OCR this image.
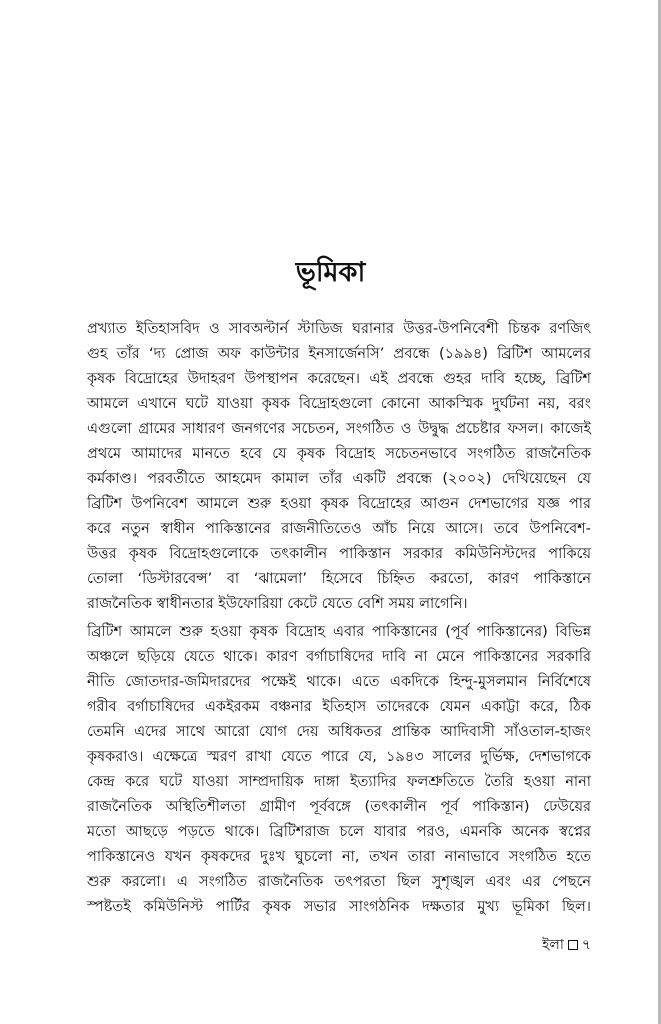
ভূমিকা
প্রখ্যাত ইতিহাসবিদ ও সাবঅল্টার্ন স্টাডিজ ঘরানার উত্তর-উপনিবেশী চিন্তক রণজিৎ
গুহ তাঁর ‘দ্য প্রোজ অফ কাউন্টার ইনসার্জেনসি’ প্রবন্ধে (১৯৯৪) ব্রিটিশ আমলের
কৃষক বিদ্রোহের উদাহরণ উপস্থাপন করেছেন। এই প্রবন্ধে গুহর দাবি হচ্ছে, ব্রিটিশ
আমলে এখানে ঘটে যাওয়া কৃষক বিদ্রোহগুলো কোনো আকস্মিক দুর্ঘটনা নয়, বরং
এগুলো গ্রামের সাধারণ জনগণের সচেতন, সংগঠিত ও উদ্বুদ্ধ প্রচেষ্টার ফসল। কাজেই
প্রথমে আমাদের মানতে হবে যে কৃষক বিদ্রোহ সচেতনভাবে সংগঠিত রাজনৈতিক
কর্মকাণ্ড। পরবর্তীতে আহমেদ কামাল তাঁর একটি প্রবন্ধে (২০০২) দেখিয়েছেন যে
ব্রিটিশ উপনিবেশ আমলে শুরু হওয়া কৃষক বিদ্রোহের আগুন দেশভাগের যজ্ঞ পার
করে নতুন স্বাধীন পাকিস্তানের রাজনীতিতেও আঁচ নিয়ে আসে। তবে উপনিবেশ-
উত্তর কৃষক বিদ্রোহগুলোকে তৎকালীন পাকিস্তান সরকার কমিউনিস্টদের পাকিয়ে
তোলা ‘ডিস্টারবেন্স’ বা ‘ঝামেলা’ হিসেবে চিহ্নিত করতো, কারণ পাকিস্তানে
রাজনৈতিক স্বাধীনতার ইউফোরিয়া কেটে যেতে বেশি সময় লাগেনি।
ব্রিটিশ আমলে শুরু হওয়া কৃষক বিদ্রোহ এবার পাকিস্তানের (পূর্ব পাকিস্তানের) বিভিন্ন
অঞ্চলে ছড়িয়ে যেতে থাকে। কারণ বর্গাচাষিদের দাবি না মেনে পাকিস্তানের সরকারি
নীতি জোতদার-জমিদারদের পক্ষেই থাকে। এতে একদিকে হিন্দু-মুসলমান নির্বিশেষে
গরীব বর্গাচাষিদের একইরকম বঞ্চনার ইতিহাস তাদেরকে যেমন একাট্টা করে, ঠিক
তেমনি এদের সাথে আরো যোগ দেয় অধিকতর প্রান্তিক আদিবাসী সাঁওতাল-হাজং
কৃষকরাও। এক্ষেত্রে স্মরণ রাখা যেতে পারে যে, ১৯৪৩ সালের দুর্ভিক্ষ, দেশভাগকে
কেন্দ্র করে ঘটে যাওয়া সাম্প্রদায়িক দাঙ্গা ইত্যাদির ফলশ্রুতিতে তৈরি হওয়া নানা
রাজনৈতিক অস্থিতিশীলতা গ্রামীণ পূর্ববঙ্গে (তৎকালীন পূর্ব পাকিস্তান) ঢেউয়ের
মতো আছড়ে পড়তে থাকে। ব্রিটিশরাজ চলে যাবার পরও, এমনকি অনেক স্বপ্নের
পাকিস্তানেও যখন কৃষকদের দুঃখ ঘুচলো না, তখন তারা নানাভাবে সংগঠিত হতে
শুরু করলো। এ সংগঠিত রাজনৈতিক তৎপরতা ছিল সুশৃঙ্খল এবং এর পেছনে
স্পষ্টতই কমিউনিস্ট পার্টির কৃষক সভার সাংগঠনিক দক্ষতার মুখ্য ভূমিকা ছিল।
ইলা ৭
